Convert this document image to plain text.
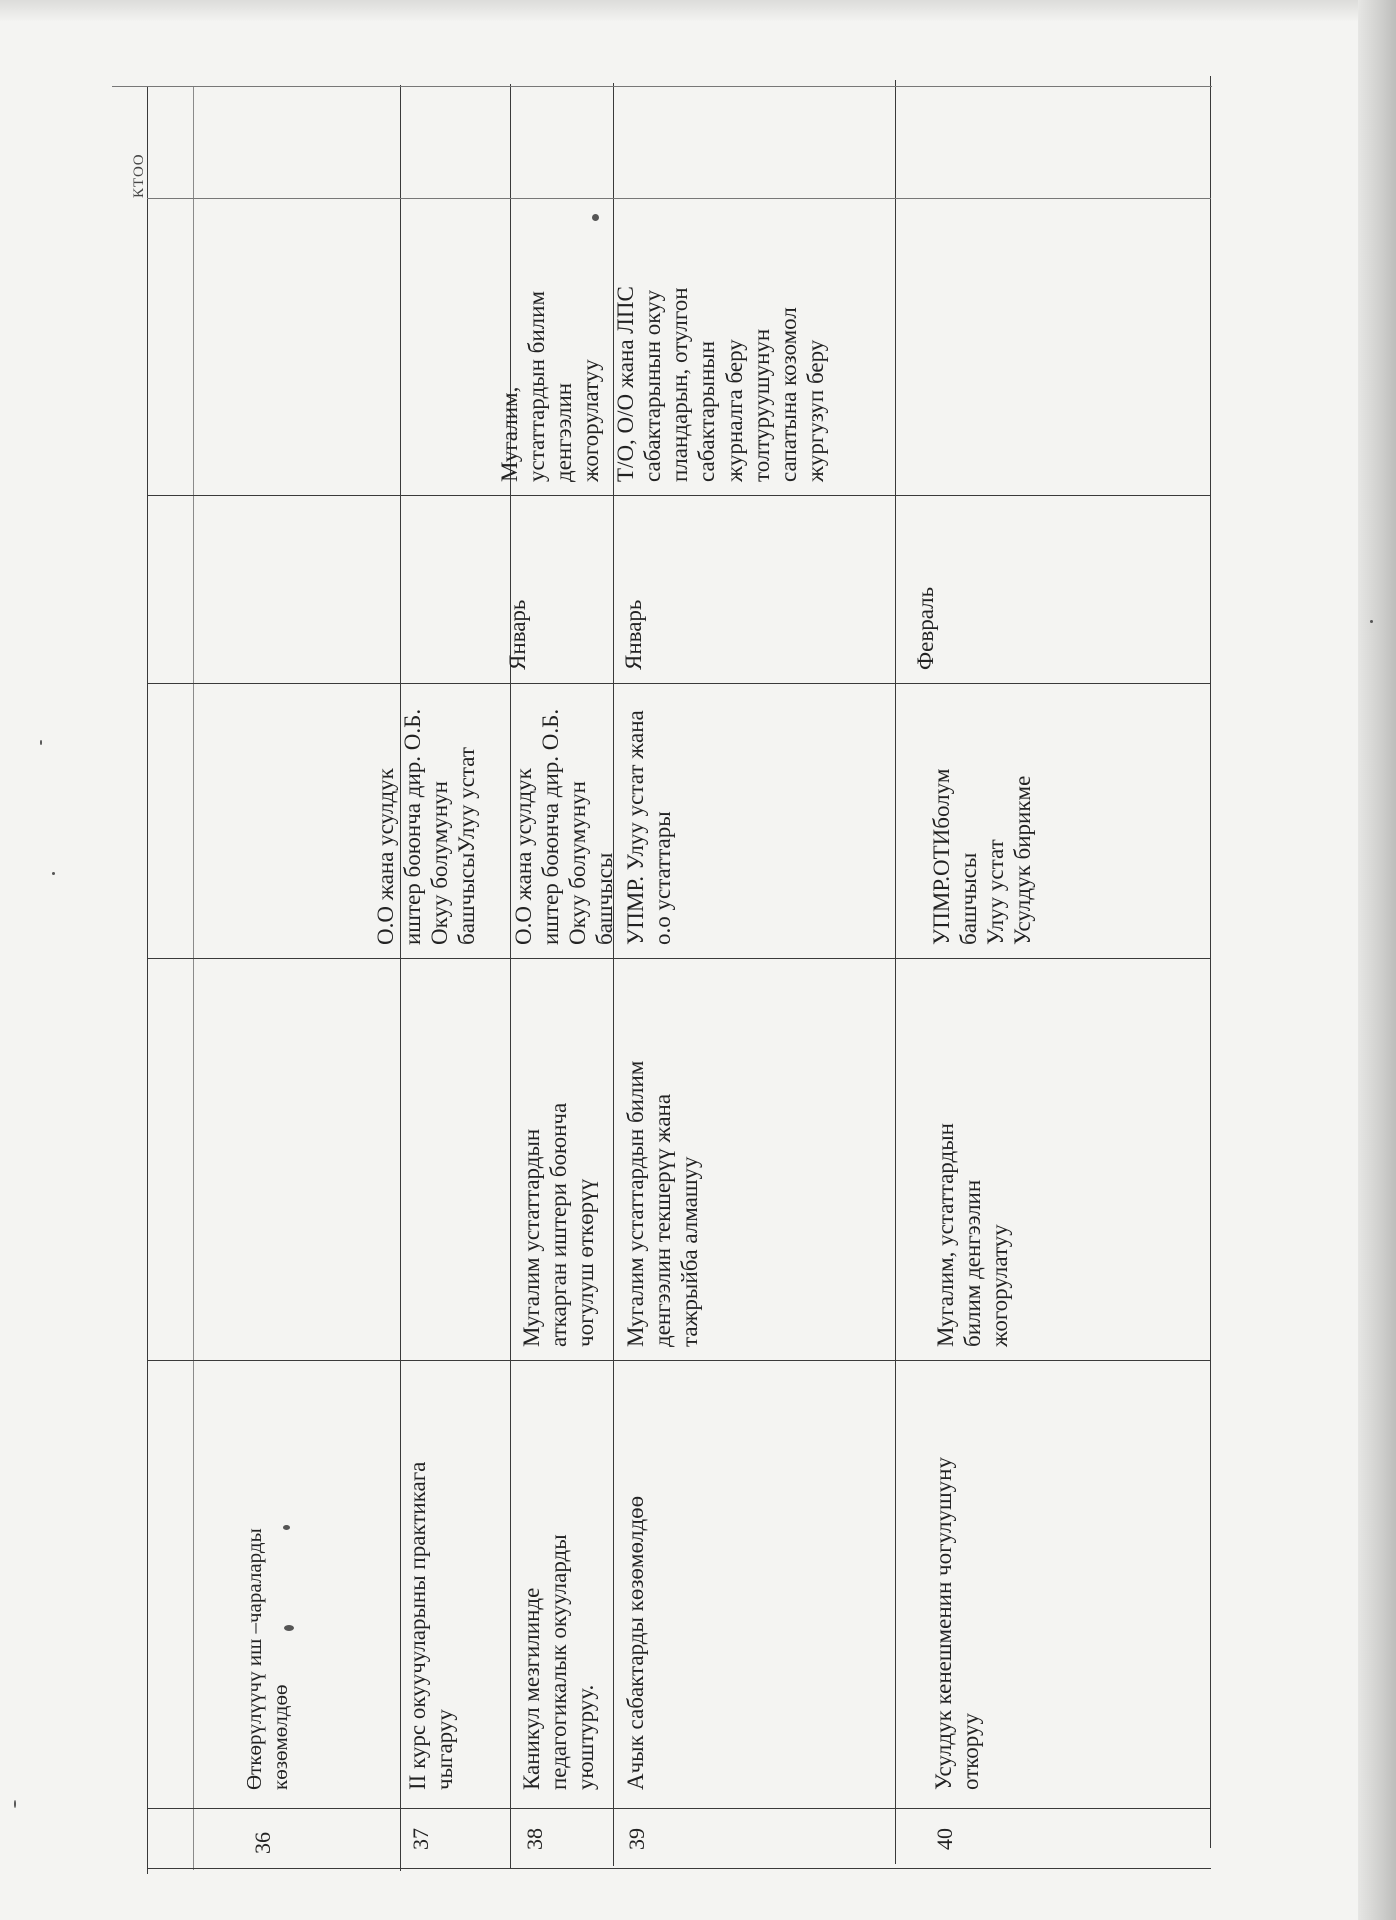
КТОО
36
Өткөрүлүүчү иш –чараларды
көзөмөлдөө
37
II курс окуучуларыны практикага
чыгаруу
О.О жана усулдук
иштер боюнча дир. О.Б.
Окуу болумунун
башчысыУлуу устат
38
Каникул мезгилинде
педагогикалык окууларды
уюштуруу.
Мугалим устаттардын
аткарган иштери боюнча
чогулуш өткөрүү
О.О жана усулдук
иштер боюнча дир. О.Б.
Окуу болумунун
башчысы
Январь
Мугалим,
устаттардын билим
денгээлин
жогорулатуу
39
Ачык сабактарды көзөмөлдөө
Мугалим устаттардын билим
денгээлин текшерүү жана
тажрыйба алмашуу
УПМР. Улуу устат жана
о.о устаттары
Январь
Т/О, О/О жана ЛПС
сабактарынын окуу
пландарын, отулгон
сабактарынын
журналга беру
толтуруушунун
сапатына козомол
жургузуп беру
40
Усулдук кенешменин чогулушуну
откоруу
Мугалим, устаттардын
билим денгээлин
жогорулатуу
УПМР.ОТИболум
башчысы
Улуу устат
Усулдук бирикме
Февраль
